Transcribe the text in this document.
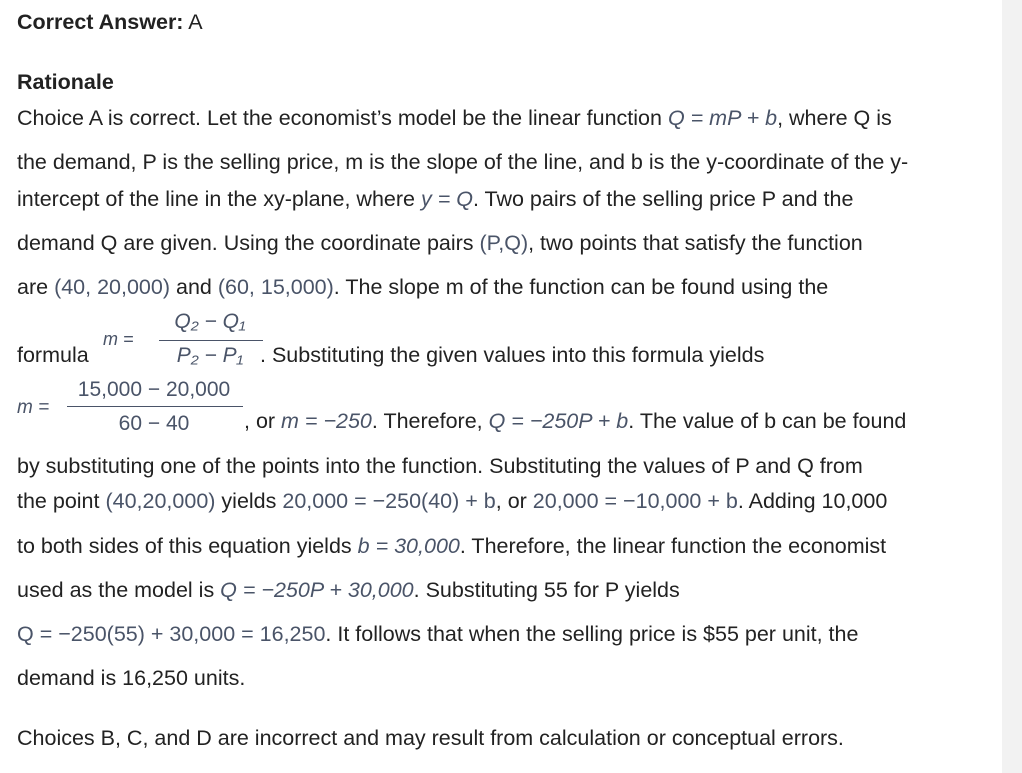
Correct Answer: A
Rationale
Choice A is correct. Let the economist’s model be the linear function Q = mP + b, where Q is
the demand, P is the selling price, m is the slope of the line, and b is the y-coordinate of the y-
intercept of the line in the xy-plane, where y = Q. Two pairs of the selling price P and the
demand Q are given. Using the coordinate pairs (P,Q), two points that satisfy the function
are (40, 20,000) and (60, 15,000). The slope m of the function can be found using the
formula
m =
Q₂ − Q₁
P₂ − P₁ . Substituting the given values into this formula yields
m =
15,000 − 20,000
60 − 40	, or m = −250. Therefore, Q = −250P + b. The value of b can be found
by substituting one of the points into the function. Substituting the values of P and Q from
the point (40,20,000) yields 20,000 = −250(40) + b, or 20,000 = −10,000 + b. Adding 10,000
to both sides of this equation yields b = 30,000. Therefore, the linear function the economist
used as the model is Q = −250P + 30,000. Substituting 55 for P yields
Q = −250(55) + 30,000 = 16,250. It follows that when the selling price is $55 per unit, the
demand is 16,250 units.
Choices B, C, and D are incorrect and may result from calculation or conceptual errors.
